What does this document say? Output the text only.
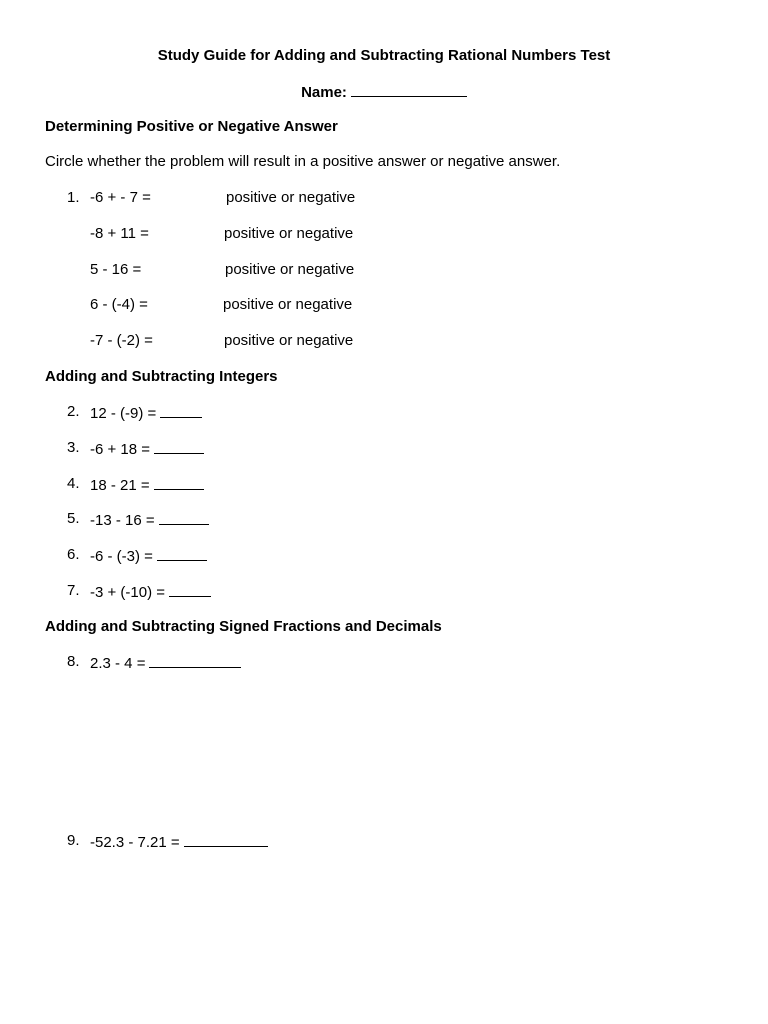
Study Guide for Adding and Subtracting Rational Numbers Test
Name:
Determining Positive or Negative Answer
Circle whether the problem will result in a positive answer or negative answer.
1. -6 + - 7 =	positive or negative
-8 + 11 =	positive or negative
5 - 16 =	positive or negative
6 - (-4) =	positive or negative
-7 - (-2) =	positive or negative
Adding and Subtracting Integers
2. 12 - (-9) =
3. -6 + 18 =
4. 18 - 21 =
5. -13 - 16 =
6. -6 - (-3) =
7. -3 + (-10) =
Adding and Subtracting Signed Fractions and Decimals
8. 2.3 - 4 =
9. -52.3 - 7.21 =
